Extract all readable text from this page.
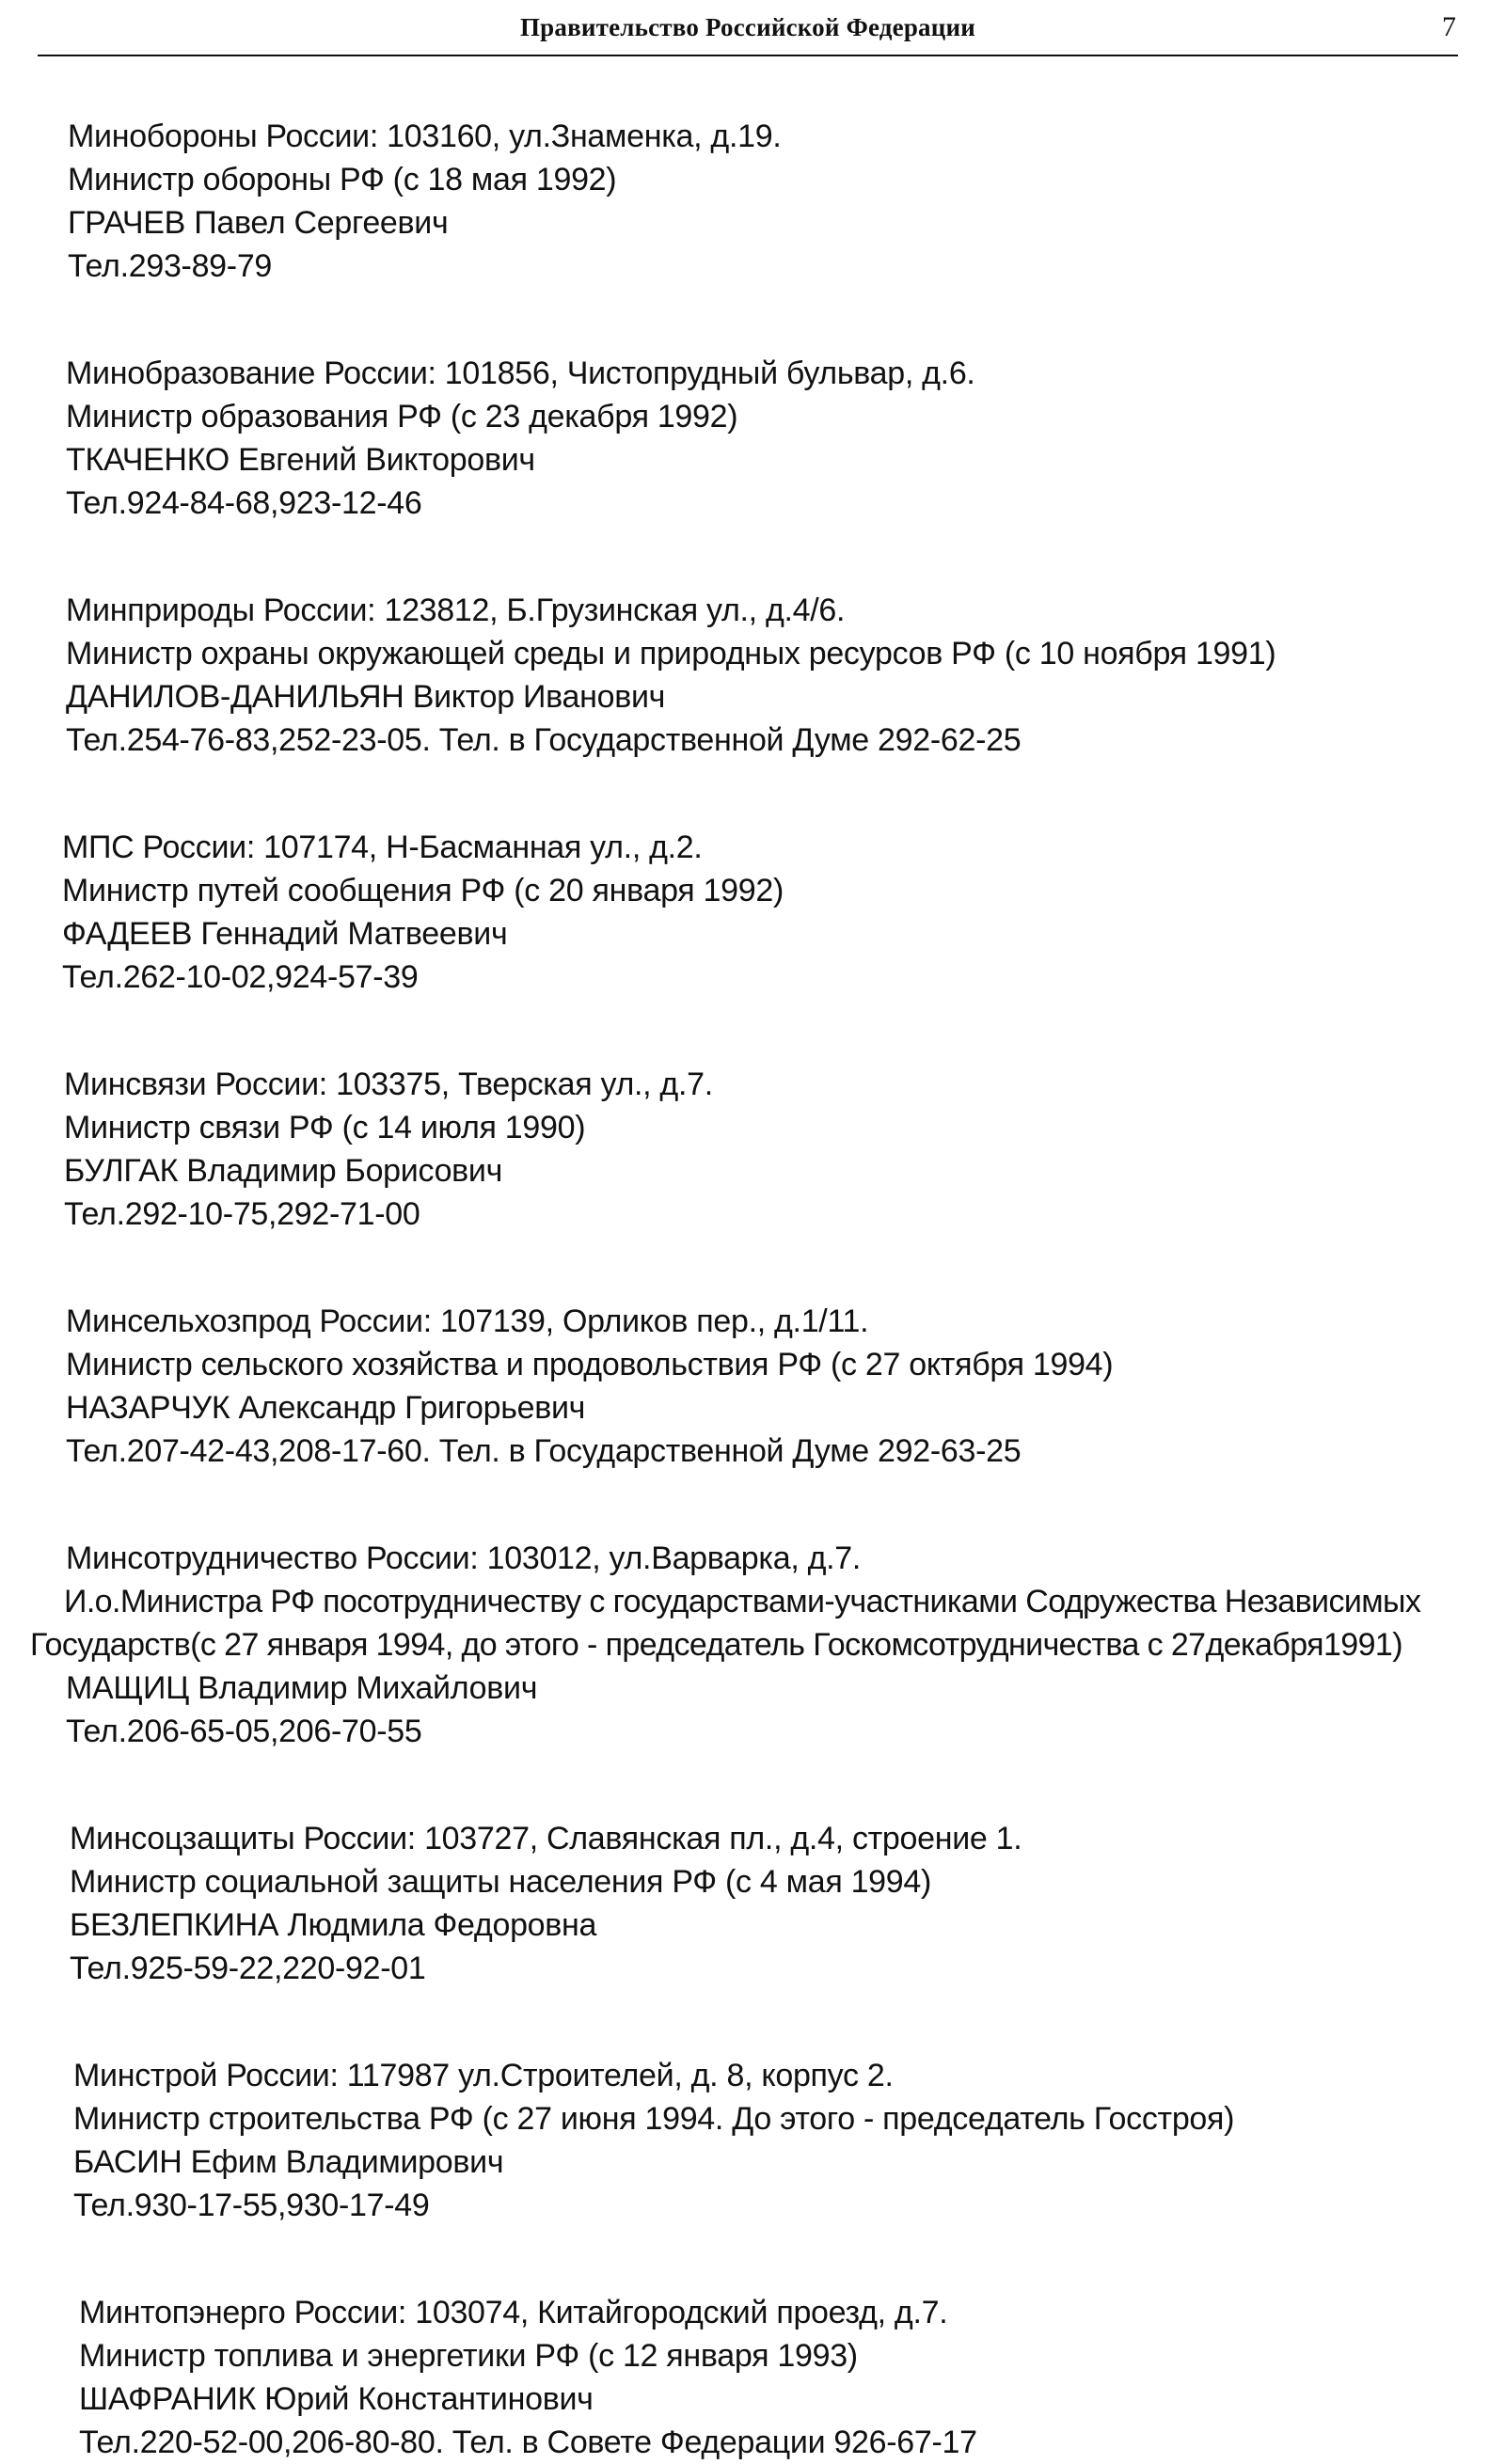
Правительство Российской Федерации	7
Минобороны России: 103160, ул.Знаменка, д.19.
Министр обороны РФ (с 18 мая 1992)
ГРАЧЕВ Павел Сергеевич
Тел.293-89-79
Минобразование России: 101856, Чистопрудный бульвар, д.6.
Министр образования РФ (с 23 декабря 1992)
ТКАЧЕНКО Евгений Викторович
Тел.924-84-68,923-12-46
Минприроды России: 123812, Б.Грузинская ул., д.4/6.
Министр охраны окружающей среды и природных ресурсов РФ (с 10 ноября 1991)
ДАНИЛОВ-ДАНИЛЬЯН Виктор Иванович
Тел.254-76-83,252-23-05. Тел. в Государственной Думе 292-62-25
МПС России: 107174, Н-Басманная ул., д.2.
Министр путей сообщения РФ (с 20 января 1992)
ФАДЕЕВ Геннадий Матвеевич
Тел.262-10-02,924-57-39
Минсвязи России: 103375, Тверская ул., д.7.
Министр связи РФ (с 14 июля 1990)
БУЛГАК Владимир Борисович
Тел.292-10-75,292-71-00
Минсельхозпрод России: 107139, Орликов пер., д.1/11.
Министр сельского хозяйства и продовольствия РФ (с 27 октября 1994)
НАЗАРЧУК Александр Григорьевич
Тел.207-42-43,208-17-60. Тел. в Государственной Думе 292-63-25
Минсотрудничество России: 103012, ул.Варварка, д.7.
И.о.Министра РФ посотрудничеству с государствами-участниками Содружества Независимых
Государств(с 27 января 1994, до этого - председатель Госкомсотрудничества с 27декабря1991)
МАЩИЦ Владимир Михайлович
Тел.206-65-05,206-70-55
Минсоцзащиты России: 103727, Славянская пл., д.4, строение 1.
Министр социальной защиты населения РФ (с 4 мая 1994)
БЕЗЛЕПКИНА Людмила Федоровна
Тел.925-59-22,220-92-01
Минстрой России: 117987 ул.Строителей, д. 8, корпус 2.
Министр строительства РФ (с 27 июня 1994. До этого - председатель Госстроя)
БАСИН Ефим Владимирович
Тел.930-17-55,930-17-49
Минтопэнерго России: 103074, Китайгородский проезд, д.7.
Министр топлива и энергетики РФ (с 12 января 1993)
ШАФРАНИК Юрий Константинович
Тел.220-52-00,206-80-80. Тел. в Совете Федерации 926-67-17
